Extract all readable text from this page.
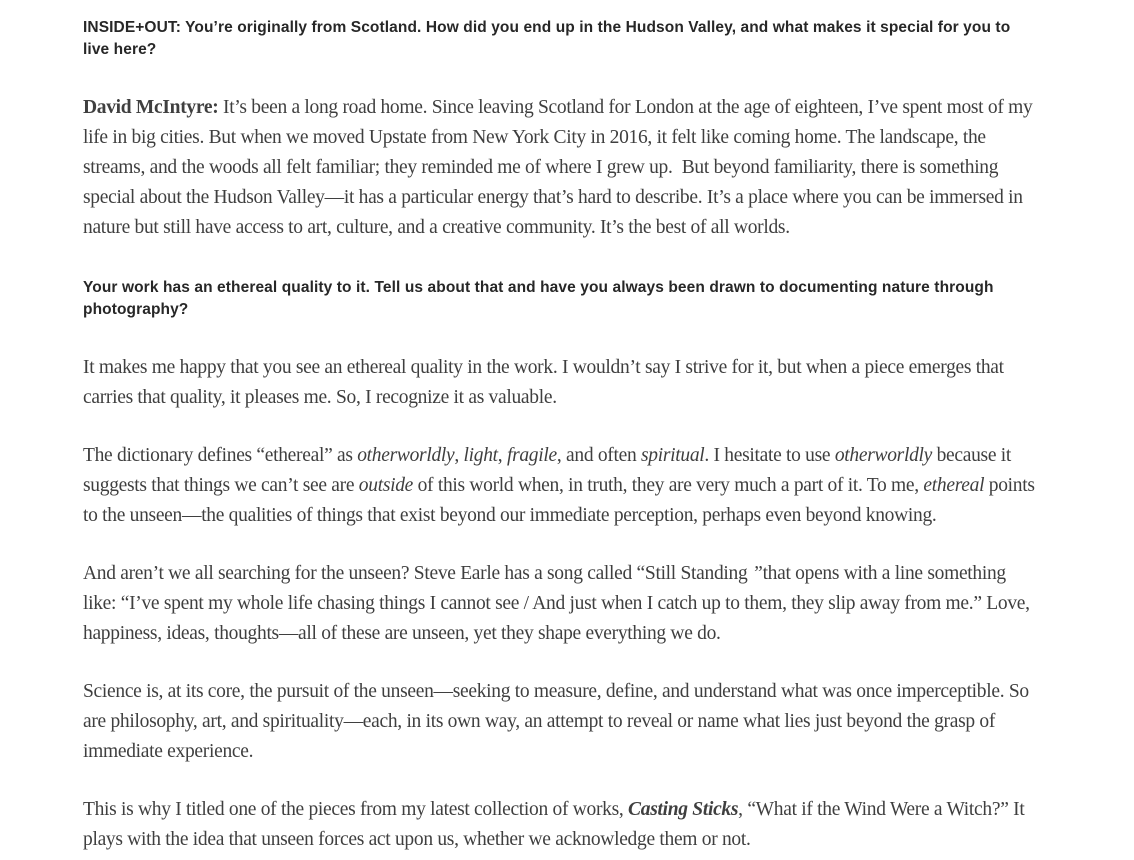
INSIDE+OUT: You’re originally from Scotland. How did you end up in the Hudson Valley, and what makes it special for you to live here?

David McIntyre: It’s been a long road home. Since leaving Scotland for London at the age of eighteen, I’ve spent most of my life in big cities. But when we moved Upstate from New York City in 2016, it felt like coming home. The landscape, the streams, and the woods all felt familiar; they reminded me of where I grew up.  But beyond familiarity, there is something special about the Hudson Valley—it has a particular energy that’s hard to describe. It’s a place where you can be immersed in nature but still have access to art, culture, and a creative community. It’s the best of all worlds.

Your work has an ethereal quality to it. Tell us about that and have you always been drawn to documenting nature through photography?

It makes me happy that you see an ethereal quality in the work. I wouldn’t say I strive for it, but when a piece emerges that carries that quality, it pleases me. So, I recognize it as valuable.

The dictionary defines “ethereal” as otherworldly, light, fragile, and often spiritual. I hesitate to use otherworldly because it suggests that things we can’t see are outside of this world when, in truth, they are very much a part of it. To me, ethereal points to the unseen—the qualities of things that exist beyond our immediate perception, perhaps even beyond knowing.

And aren’t we all searching for the unseen? Steve Earle has a song called “Still Standing ”that opens with a line something like: “I’ve spent my whole life chasing things I cannot see / And just when I catch up to them, they slip away from me.” Love, happiness, ideas, thoughts—all of these are unseen, yet they shape everything we do.

Science is, at its core, the pursuit of the unseen—seeking to measure, define, and understand what was once imperceptible. So are philosophy, art, and spirituality—each, in its own way, an attempt to reveal or name what lies just beyond the grasp of immediate experience.

This is why I titled one of the pieces from my latest collection of works, Casting Sticks, “What if the Wind Were a Witch?” It plays with the idea that unseen forces act upon us, whether we acknowledge them or not.
